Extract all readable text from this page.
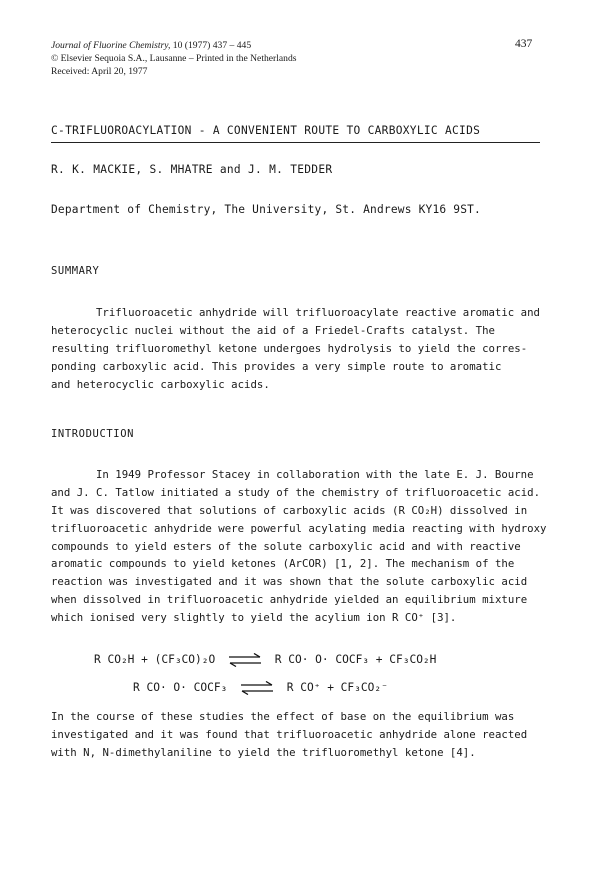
Journal of Fluorine Chemistry, 10 (1977) 437 – 445
© Elsevier Sequoia S.A., Lausanne – Printed in the Netherlands
Received: April 20, 1977
437
C-TRIFLUOROACYLATION - A CONVENIENT ROUTE TO CARBOXYLIC ACIDS
R. K. MACKIE, S. MHATRE and J. M. TEDDER
Department of Chemistry, The University, St. Andrews KY16 9ST.
SUMMARY
Trifluoroacetic anhydride will trifluoroacylate reactive aromatic and
heterocyclic nuclei without the aid of a Friedel-Crafts catalyst. The
resulting trifluoromethyl ketone undergoes hydrolysis to yield the corres-
ponding carboxylic acid. This provides a very simple route to aromatic
and heterocyclic carboxylic acids.
INTRODUCTION
In 1949 Professor Stacey in collaboration with the late E. J. Bourne
and J. C. Tatlow initiated a study of the chemistry of trifluoroacetic acid.
It was discovered that solutions of carboxylic acids (R CO₂H) dissolved in
trifluoroacetic anhydride were powerful acylating media reacting with hydroxy
compounds to yield esters of the solute carboxylic acid and with reactive
aromatic compounds to yield ketones (ArCOR) [1, 2]. The mechanism of the
reaction was investigated and it was shown that the solute carboxylic acid
when dissolved in trifluoroacetic anhydride yielded an equilibrium mixture
which ionised very slightly to yield the acylium ion R CO⁺ [3].
R CO₂H + (CF₃CO)₂O ⇌ R CO· O· COCF₃ + CF₃CO₂H
R CO· O· COCF₃ ⇌ R CO⁺ + CF₃CO₂⁻
In the course of these studies the effect of base on the equilibrium was
investigated and it was found that trifluoroacetic anhydride alone reacted
with N, N-dimethylaniline to yield the trifluoromethyl ketone [4].
